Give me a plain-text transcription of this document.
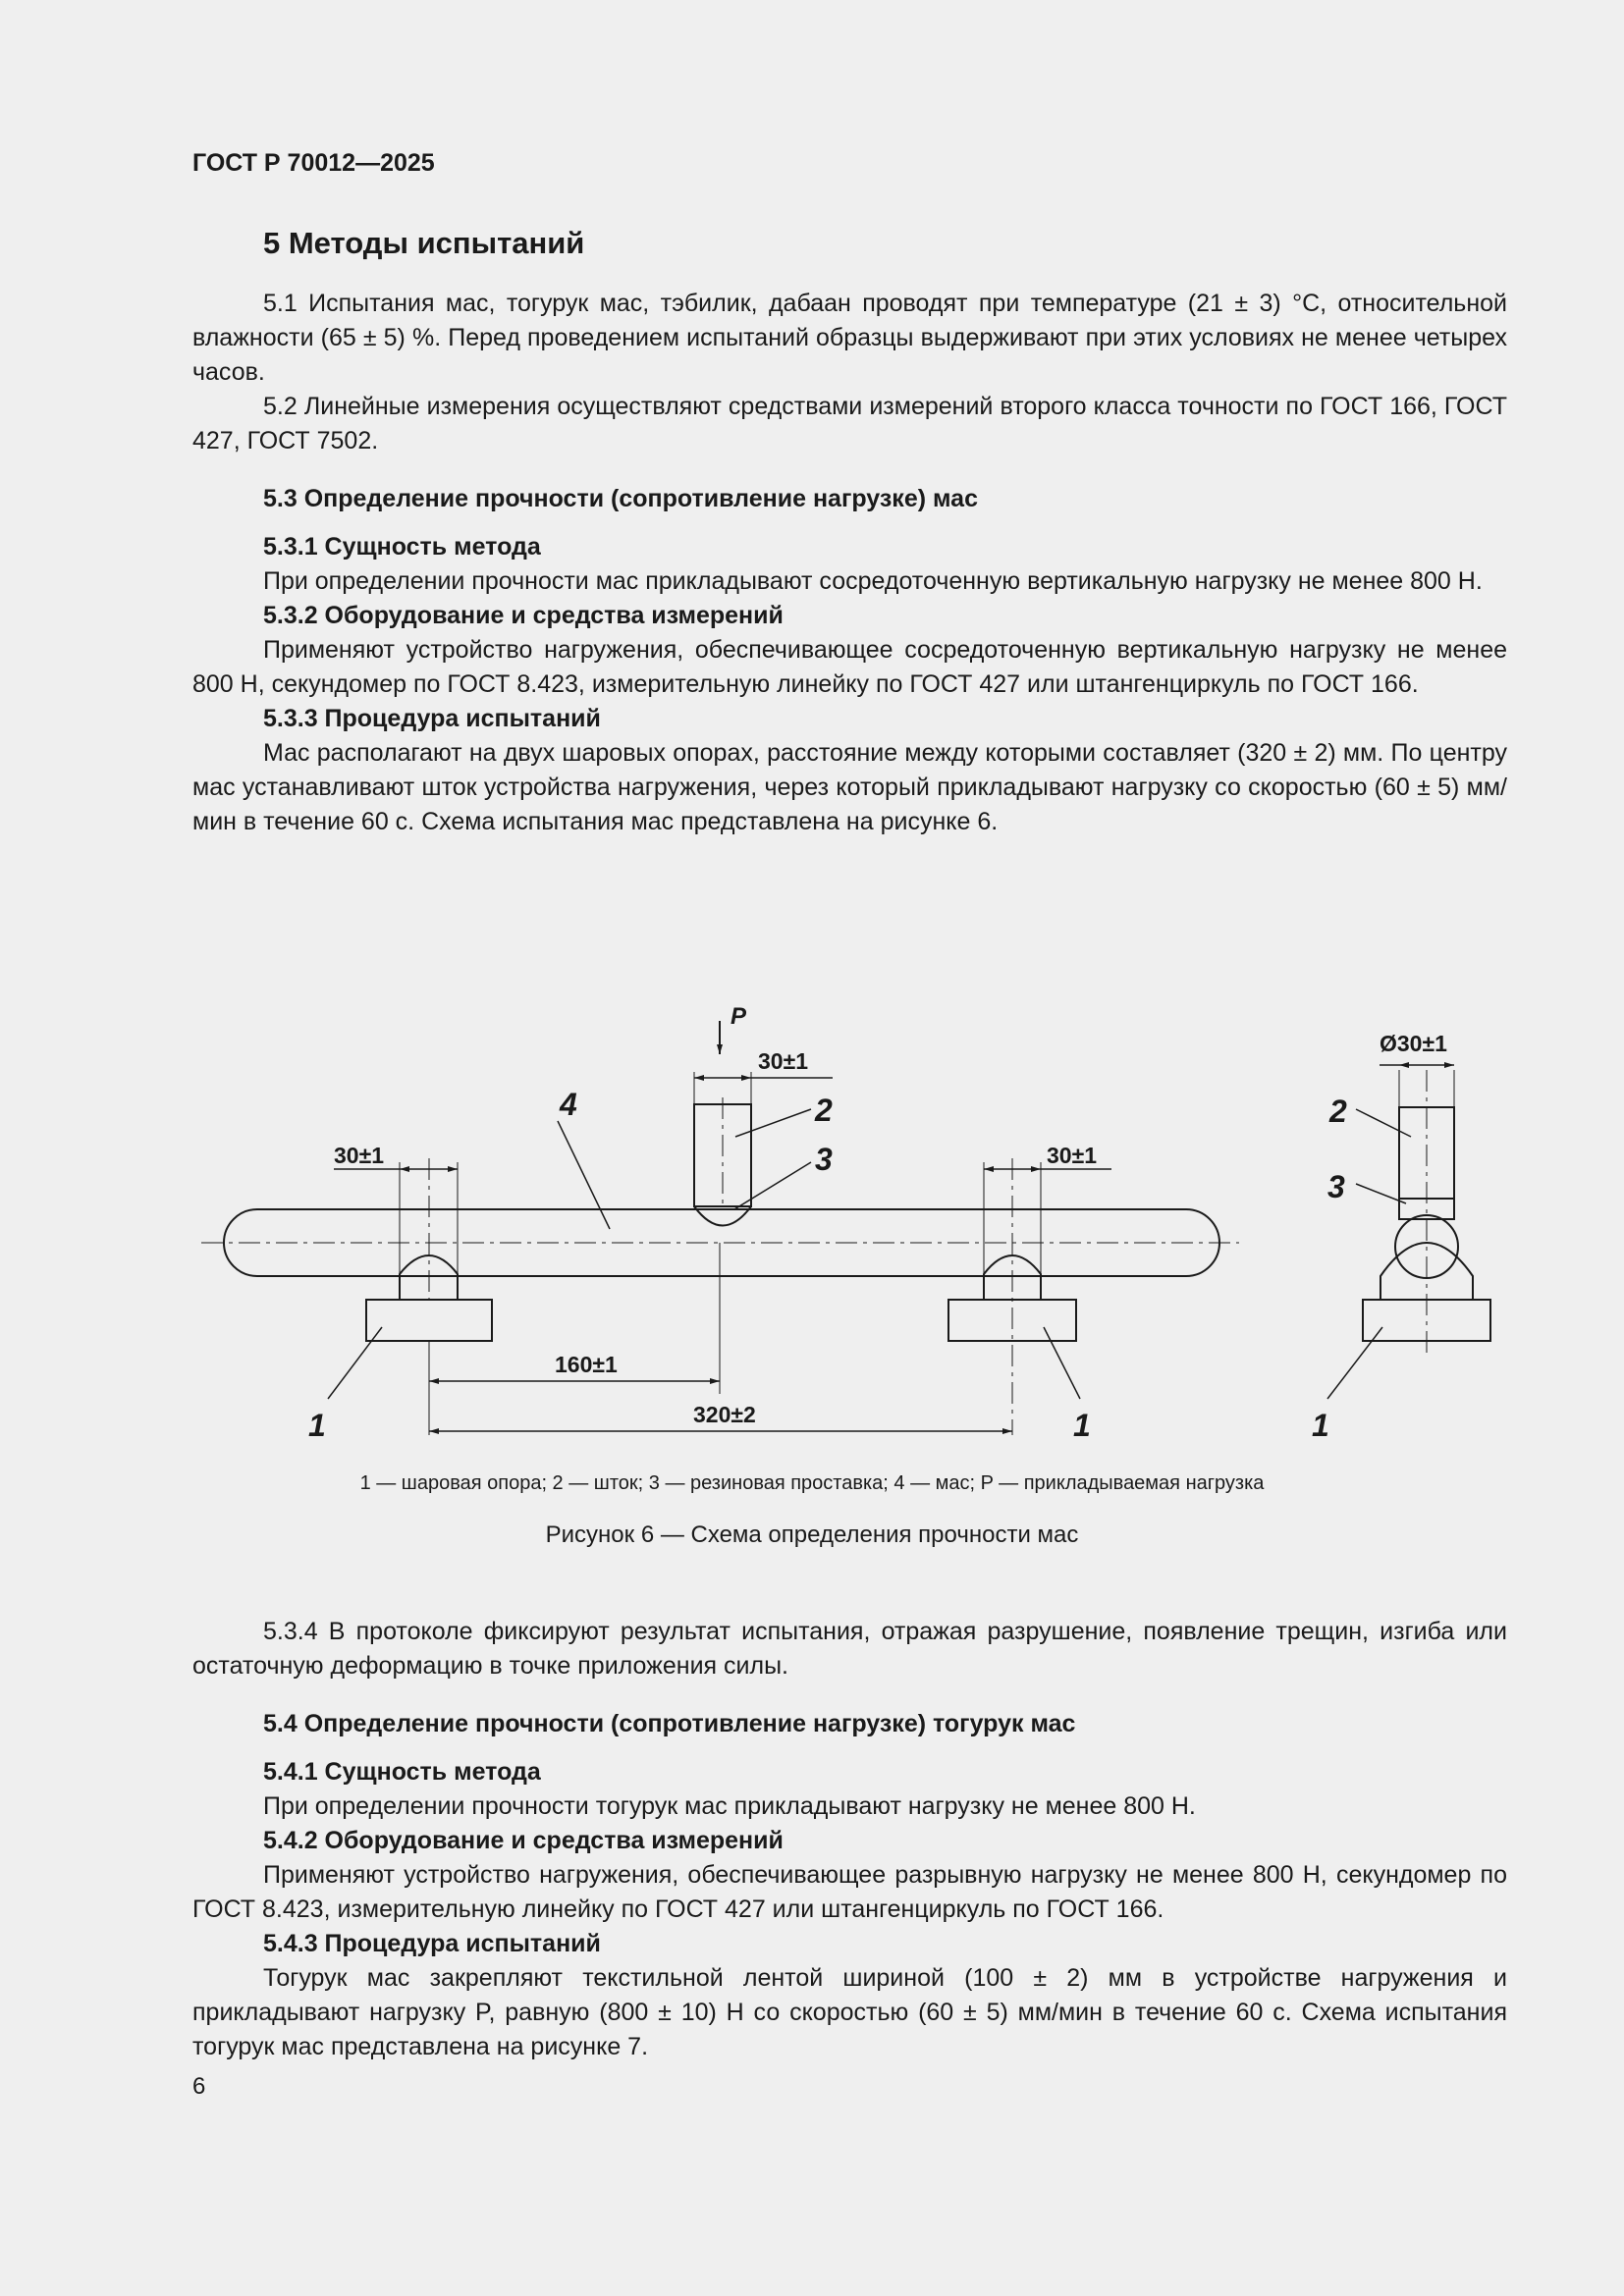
ГОСТ Р 70012—2025
5 Методы испытаний

5.1 Испытания мас, тогурук мас, тэбилик, дабаан проводят при температуре (21 ± 3) °С, относительной влажности (65 ± 5) %. Перед проведением испытаний образцы выдерживают при этих условиях не менее четырех часов.

5.2 Линейные измерения осуществляют средствами измерений второго класса точности по ГОСТ 166, ГОСТ 427, ГОСТ 7502.

5.3 Определение прочности (сопротивление нагрузке) мас

5.3.1 Сущность метода

При определении прочности мас прикладывают сосредоточенную вертикальную нагрузку не менее 800 Н.

5.3.2 Оборудование и средства измерений

Применяют устройство нагружения, обеспечивающее сосредоточенную вертикальную нагрузку не менее 800 Н, секундомер по ГОСТ 8.423, измерительную линейку по ГОСТ 427 или штангенциркуль по ГОСТ 166.

5.3.3 Процедура испытаний

Мас располагают на двух шаровых опорах, расстояние между которыми составляет (320 ± 2) мм. По центру мас устанавливают шток устройства нагружения, через который прикладывают нагрузку со скоростью (60 ± 5) мм/мин в течение 60 с. Схема испытания мас представлена на рисунке 6.

P
30±1
30±1	30±1
160±1
320±2
Ø30±1
4	2
3
1	1
2
3
1
1 — шаровая опора; 2 — шток; 3 — резиновая проставка; 4 — мас; P — прикладываемая нагрузка
Рисунок 6 — Схема определения прочности мас

5.3.4 В протоколе фиксируют результат испытания, отражая разрушение, появление трещин, изгиба или остаточную деформацию в точке приложения силы.

5.4 Определение прочности (сопротивление нагрузке) тогурук мас

5.4.1 Сущность метода

При определении прочности тогурук мас прикладывают нагрузку не менее 800 Н.

5.4.2 Оборудование и средства измерений

Применяют устройство нагружения, обеспечивающее разрывную нагрузку не менее 800 Н, секундомер по ГОСТ 8.423, измерительную линейку по ГОСТ 427 или штангенциркуль по ГОСТ 166.

5.4.3 Процедура испытаний

Тогурук мас закрепляют текстильной лентой шириной (100 ± 2) мм в устройстве нагружения и прикладывают нагрузку P, равную (800 ± 10) Н со скоростью (60 ± 5) мм/мин в течение 60 с. Схема испытания тогурук мас представлена на рисунке 7.

6
